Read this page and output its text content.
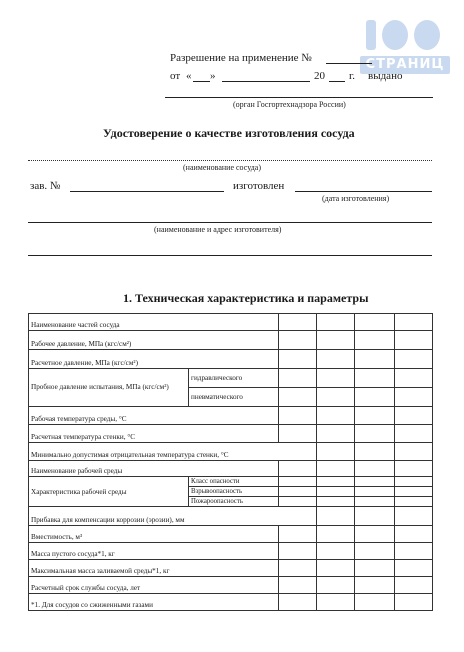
СТРАНИЦ
Разрешение на применение №
от « »	20 г. выдано
(орган Госгортехнадзора России)
Удостоверение о качестве изготовления сосуда
(наименование сосуда)
зав. №	изготовлен
(дата изготовления)
(наименование и адрес изготовителя)
1. Техническая характеристика и параметры
Наименование частей сосуда					
Рабочее давление, МПа (кгс/см²)					
Расчетное давление, МПа (кгс/см²)					
Пробное давление испытания, МПа (кгс/см²)	гидравлического				
	пневматического				
Рабочая температура среды, °С					
Расчетная температура стенки, °С					
Минимально допустимая отрицательная температура стенки, °С					
Наименование рабочей среды					
Характеристика рабочей среды	Класс опасности				
	Взрывоопасность				
	Пожароопасность				
Прибавка для компенсации коррозии (эрозии), мм					
Вместимость, м³					
Масса пустого сосуда*1, кг					
Максимальная масса заливаемой среды*1, кг					
Расчетный срок службы сосуда, лет					
*1. Для сосудов со сжиженными газами					
